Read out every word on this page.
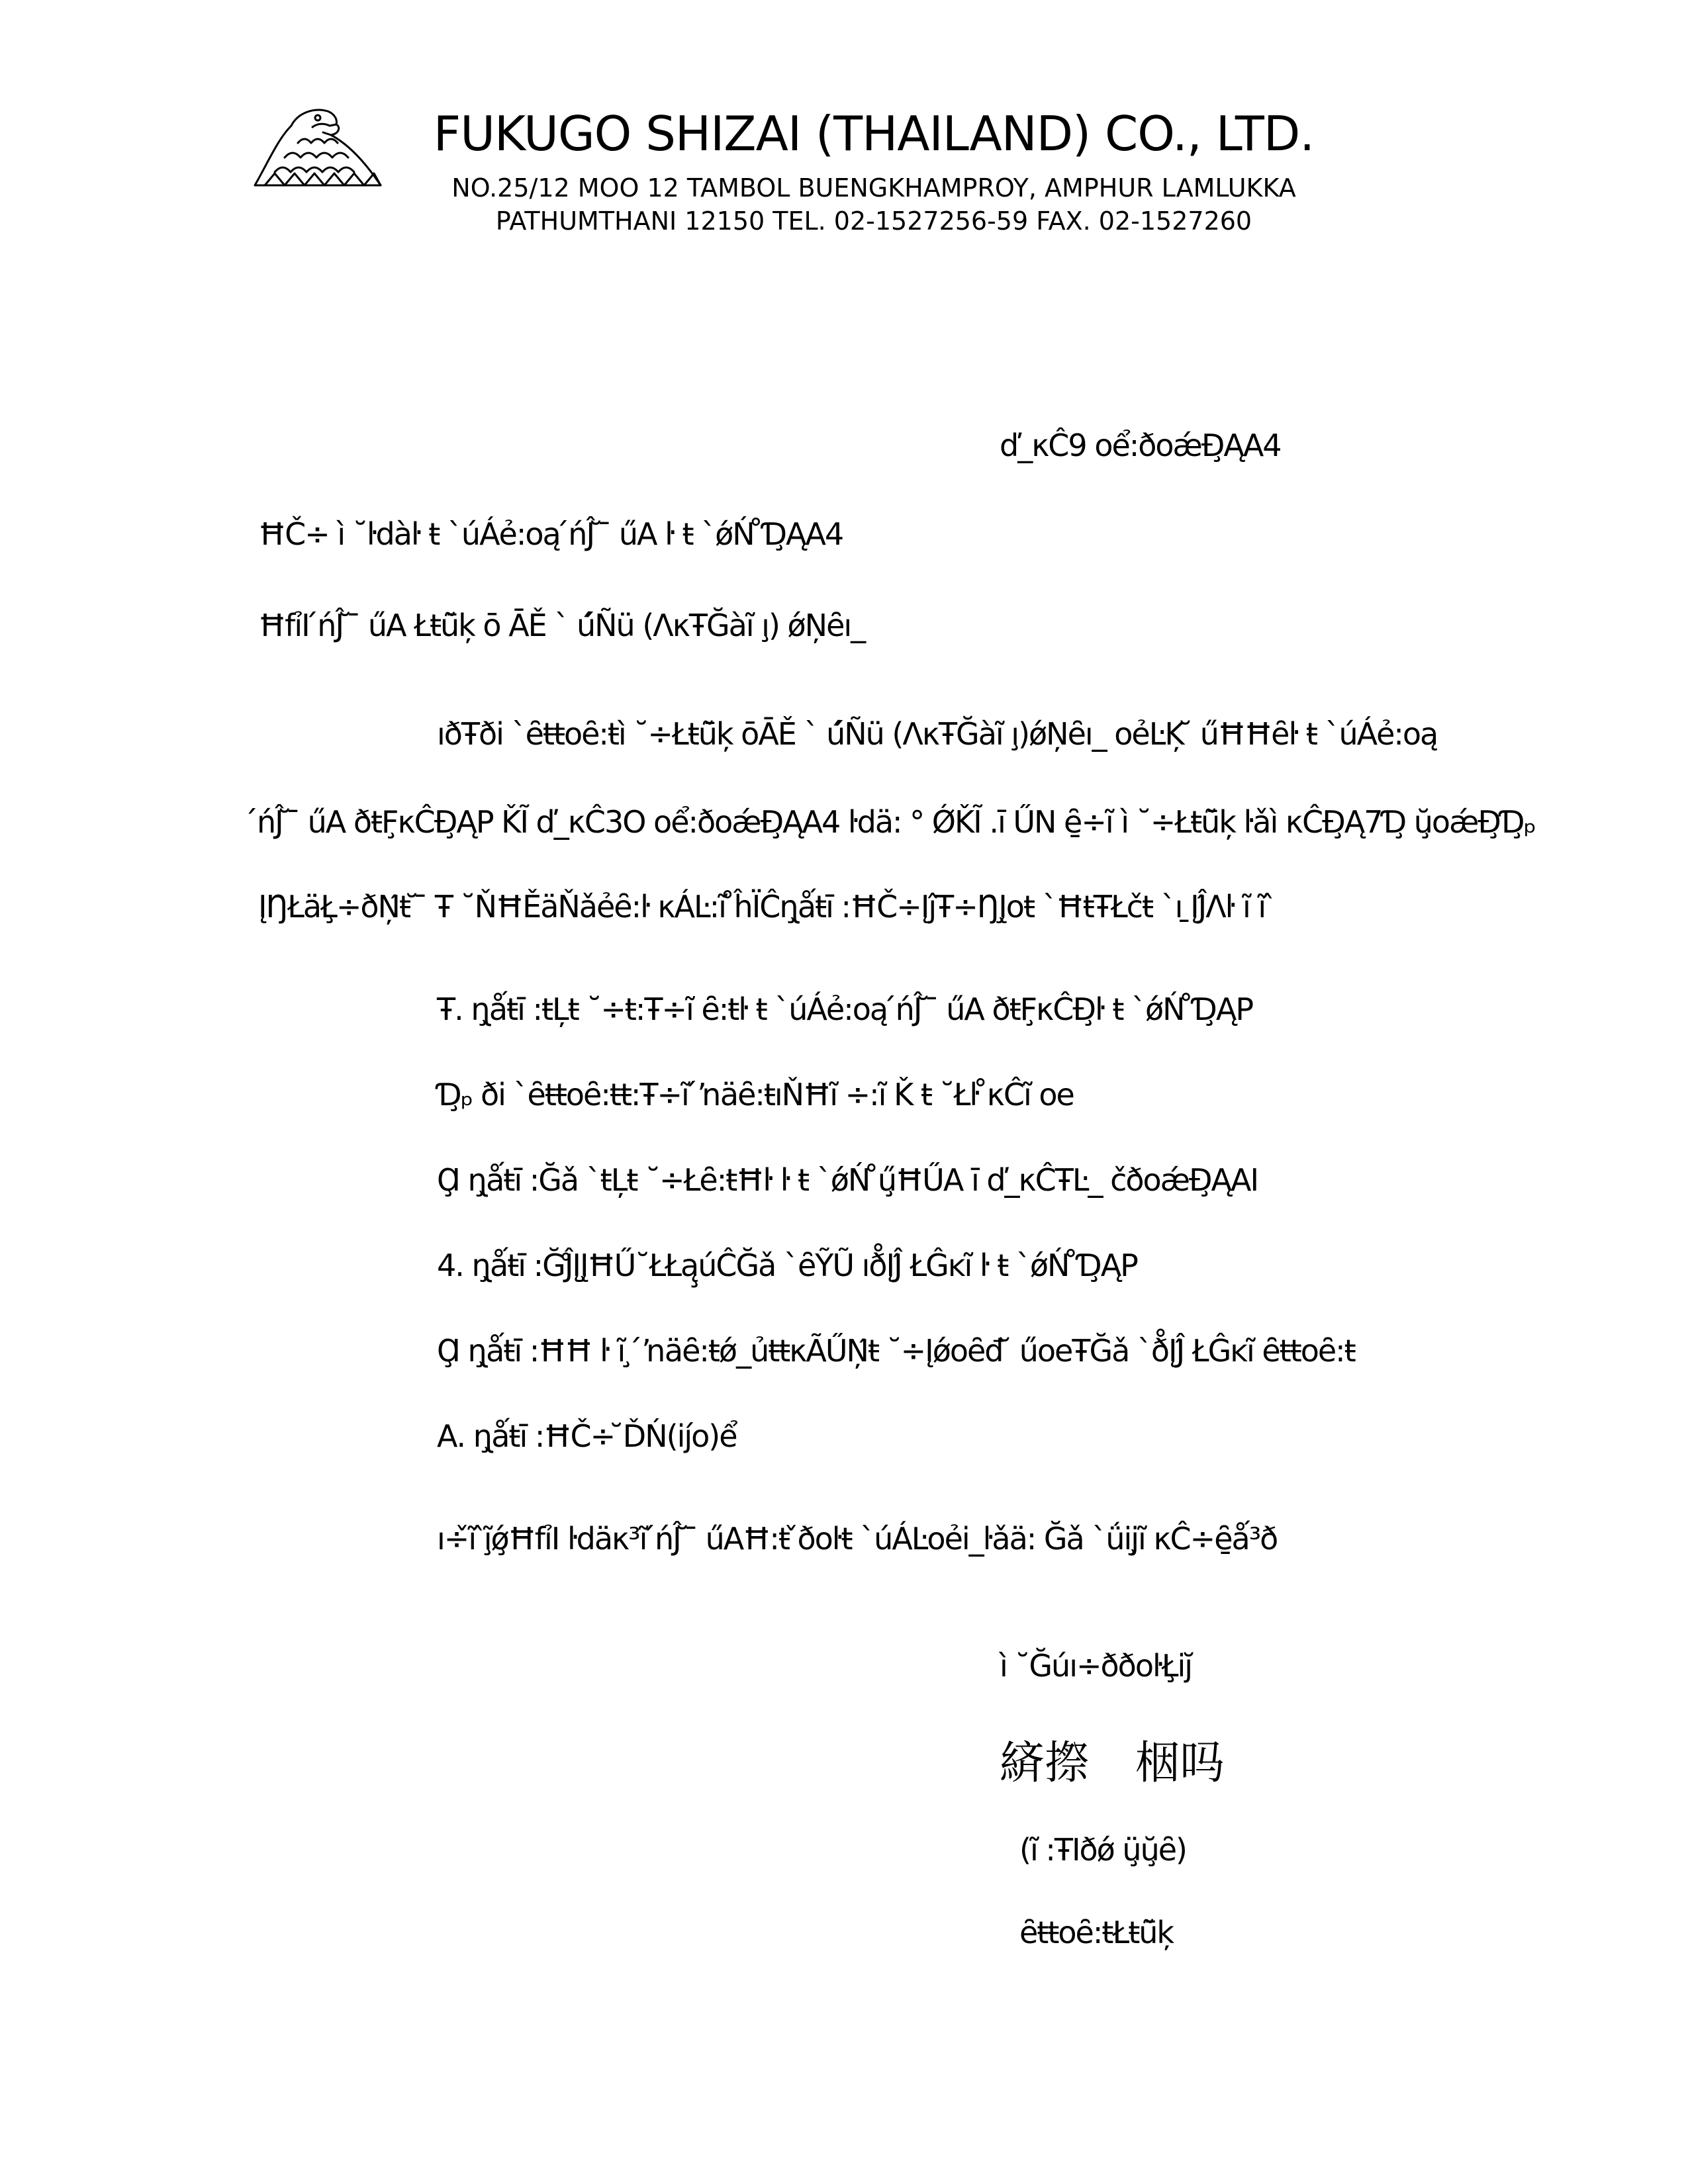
FUKUGO SHIZAI (THAILAND) CO., LTD.
NO.25/12 MOO 12 TAMBOL BUENGKHAMPROY, AMPHUR LAMLUKKA
PATHUMTHANI 12150 TEL. 02-1527256-59 FAX. 02-1527260
ď_κĈ9 oể:ðoǽĐ̧ĄΑ4
ĦČ÷ ì ˘ŀdàŀ ŧ `úÁẻ:oą ́ńĴ ̆ ̄ űA ŀ ŧ `ǿŃ ̊Ɗ̧ĄΑ4
ĦfỉΙ ́ńĴ ̆ ̄ űA Łŧũ̄ķ ō ĀĚ ` ú́Ñü (ΛκŦĞàĩ ı̧) ǿŅȇı_
ıðŦði `ȇŧŧoȇ:ŧì ˘÷Łŧũ̄ķ ōĀĚ ` ú́Ñü (ΛκŦĞàĩ ı̧)ǿŅȇı_ oẻĿĶ ̆ űĦĦȇŀ ŧ `úÁẻ:oą
́ńĴ ̆ ̄ űA ðŧF̧κĈĐ̧ĄΡ ǨĨ ď_κĈ3O oể:ðoǽĐ̧ĄΑ4 ŀdä: ° ǾǨĨ .ī ŰN ȇ̱÷ĩ ì ˘÷Łŧũ̄ķ ŀǎì κĈĐ̧Ą7Ɗ̧ ŭ̧oǽĐ̧Ɗ̧ₚ
ĮŊŁäŁ̧÷ðŅ́ŧ ̆ ̄ Ŧ ˘ŇĦĚäŇǎẻȇ:ŀ κÁĿ:ĩ ̊ĥÏĈɳ̧ǻŧī :ĦČ÷ĮĵŦ÷ŊĮ̧oŧ `ĦŧŦŁčŧ `ı ̱ĮĴ́Λŀ ĩ ĩ ̂
Ŧ. ɳ̧ǻŧī :ŧĻŧ ˘÷ŧ:Ŧ÷ĩ ȇ:ŧŀ ŧ `úÁẻ:oą ́ńĴ ̆ ̄ űA ðŧF̧κĈĐ̧ŀ ŧ `ǿŃ ̊Ɗ̧ĄΡ
Ɗ̧ₚ ði `ȇŧŧoȇ:ŧŧ:Ŧ÷ĩ ́ŉäȇ:ŧıŇĦĩ ÷:ĩ Ǩ ŧ ˘Łŀ ̊κĈĩ oe
Ɑ̧ ɳ̧ǻŧī :Ğǎ `ŧĻŧ ˘÷Łȇ:ŧĦŀ ŀ ŧ `ǿŃ ̊ű̧ĦŰA ī ď_κĈŦĿ_ čðoǽĐ̧ĄΑΙ
4. ɳ̧ǻŧī :ĞĴ̊ĮĮ̧ĦŰ˘ŁŁą̧úĈĞǎ `ȇỸŨ ıð̊ĮĴ́ ŁĜĸĩ ŀ ŧ `ǿŃ ̊Ɗ̧ĄΡ
Ɑ̧ ɳ̧ǻŧī :ĦĦ ŀ ĩ ̧ ́ŉäȇ:ŧǿ_ủŧŧκÃŰŅ́ŧ ˘÷Įǿoȇđ ̆ űoeŦĞǎ `ð̊ĮĴ́ ŁĜĸĩ ȇŧŧoȇ:ŧ
Α. ɳ̧ǻŧī :ĦČ÷ ̆ĎŃ(ij́o)ể
ı÷̌ĩ ̂ĩ̧ǿ̧ĦfỉΙ ŀdäκ³ĩ ́ńĴ ̆ ̄ űAĦ:ŧ ̌ðoŀŧ `úÁĿoẻi_ŀǎä: Ğǎ `ǘij̧ĩ κĈ÷ȇ̱ǻ³ð
ì ˘Ğúı÷ððoŀŁ̧ij̆
緕摖　栶吗
(ĩ :ŦIðǿ ü̧ŭ̧ȇ)
ȇŧŧoȇ:ŧŁŧũ̄ķ
